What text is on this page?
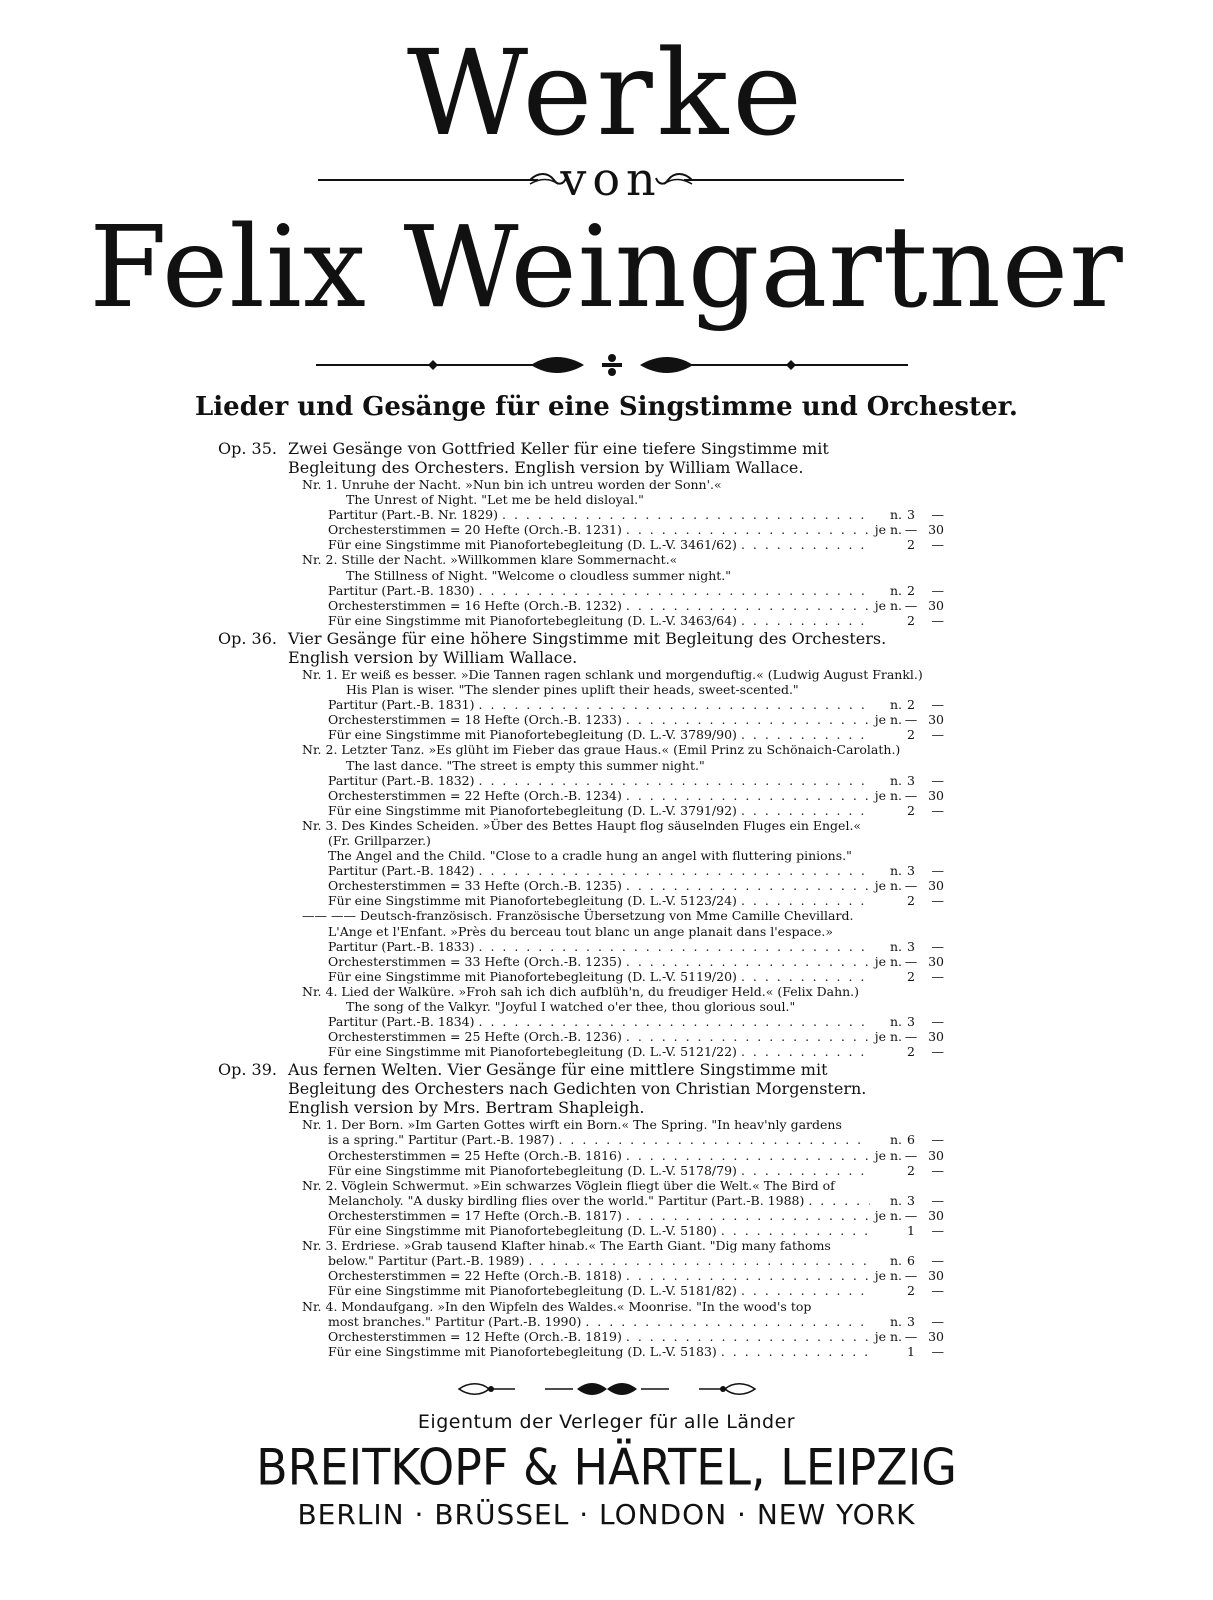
Werke
von
Felix Weingartner
Lieder und Gesänge für eine Singstimme und Orchester.
Op. 35. Zwei Gesänge von Gottfried Keller für eine tiefere Singstimme mit
Begleitung des Orchesters. English version by William Wallace.
Nr. 1. Unruhe der Nacht. »Nun bin ich untreu worden der Sonn'.«
The Unrest of Night. "Let me be held disloyal."
Partitur (Part.-B. Nr. 1829) . . .	n. 3	—
Orchesterstimmen = 20 Hefte (Orch.-B. 1231) . . .	je n. — 30
Für eine Singstimme mit Pianofortebegleitung (D. L.-V. 3461/62) . . .	2	—
Nr. 2. Stille der Nacht. »Willkommen klare Sommernacht.«
The Stillness of Night. "Welcome o cloudless summer night."
Partitur (Part.-B. 1830) . . .	n. 2	—
Orchesterstimmen = 16 Hefte (Orch.-B. 1232) . . .	je n. — 30
Für eine Singstimme mit Pianofortebegleitung (D. L.-V. 3463/64) . . .	2	—
Op. 36. Vier Gesänge für eine höhere Singstimme mit Begleitung des Orchesters.
English version by William Wallace.
Nr. 1. Er weiß es besser. »Die Tannen ragen schlank und morgenduftig.« (Ludwig August Frankl.)
His Plan is wiser. "The slender pines uplift their heads, sweet-scented."
Partitur (Part.-B. 1831) . . .	n. 2	—
Orchesterstimmen = 18 Hefte (Orch.-B. 1233) . . .	je n. — 30
Für eine Singstimme mit Pianofortebegleitung (D. L.-V. 3789/90) . . .	2	—
Nr. 2. Letzter Tanz. »Es glüht im Fieber das graue Haus.« (Emil Prinz zu Schönaich-Carolath.)
The last dance. "The street is empty this summer night."
Partitur (Part.-B. 1832) . . .	n. 3	—
Orchesterstimmen = 22 Hefte (Orch.-B. 1234) . . .	je n. — 30
Für eine Singstimme mit Pianofortebegleitung (D. L.-V. 3791/92) . . .	2	—
Nr. 3. Des Kindes Scheiden. »Über des Bettes Haupt flog säuselnden Fluges ein Engel.«
(Fr. Grillparzer.)
The Angel and the Child. "Close to a cradle hung an angel with fluttering pinions."
Partitur (Part.-B. 1842) . . .	n. 3	—
Orchesterstimmen = 33 Hefte (Orch.-B. 1235) . . .	je n. — 30
Für eine Singstimme mit Pianofortebegleitung (D. L.-V. 5123/24) . . .	2	—
—— —— Deutsch-französisch. Französische Übersetzung von Mme Camille Chevillard.
L'Ange et l'Enfant. »Près du berceau tout blanc un ange planait dans l'espace.»
Partitur (Part.-B. 1833) . . .	n. 3	—
Orchesterstimmen = 33 Hefte (Orch.-B. 1235) . . .	je n. — 30
Für eine Singstimme mit Pianofortebegleitung (D. L.-V. 5119/20) . . .	2	—
Nr. 4. Lied der Walküre. »Froh sah ich dich aufblüh'n, du freudiger Held.« (Felix Dahn.)
The song of the Valkyr. "Joyful I watched o'er thee, thou glorious soul."
Partitur (Part.-B. 1834) . . .	n. 3	—
Orchesterstimmen = 25 Hefte (Orch.-B. 1236) . . .	je n. — 30
Für eine Singstimme mit Pianofortebegleitung (D. L.-V. 5121/22) . . .	2	—
Op. 39. Aus fernen Welten. Vier Gesänge für eine mittlere Singstimme mit
Begleitung des Orchesters nach Gedichten von Christian Morgenstern.
English version by Mrs. Bertram Shapleigh.
Nr. 1. Der Born. »Im Garten Gottes wirft ein Born.« The Spring. "In heav'nly gardens
is a spring." Partitur (Part.-B. 1987) . . .	n. 6	—
Orchesterstimmen = 25 Hefte (Orch.-B. 1816) . . .	je n. — 30
Für eine Singstimme mit Pianofortebegleitung (D. L.-V. 5178/79) . . .	2	—
Nr. 2. Vöglein Schwermut. »Ein schwarzes Vöglein fliegt über die Welt.« The Bird of
Melancholy. "A dusky birdling flies over the world." Partitur (Part.-B. 1988) . . .	n. 3	—
Orchesterstimmen = 17 Hefte (Orch.-B. 1817) . . .	je n. — 30
Für eine Singstimme mit Pianofortebegleitung (D. L.-V. 5180) . . .	1	—
Nr. 3. Erdriese. »Grab tausend Klafter hinab.« The Earth Giant. "Dig many fathoms
below." Partitur (Part.-B. 1989) . . .	n. 6	—
Orchesterstimmen = 22 Hefte (Orch.-B. 1818) . . .	je n. — 30
Für eine Singstimme mit Pianofortebegleitung (D. L.-V. 5181/82) . . .	2	—
Nr. 4. Mondaufgang. »In den Wipfeln des Waldes.« Moonrise. "In the wood's top
most branches." Partitur (Part.-B. 1990) . . .	n. 3	—
Orchesterstimmen = 12 Hefte (Orch.-B. 1819) . . .	je n. — 30
Für eine Singstimme mit Pianofortebegleitung (D. L.-V. 5183) . . .	1	—
Eigentum der Verleger für alle Länder
BREITKOPF & HÄRTEL, LEIPZIG
BERLIN · BRÜSSEL · LONDON · NEW YORK
